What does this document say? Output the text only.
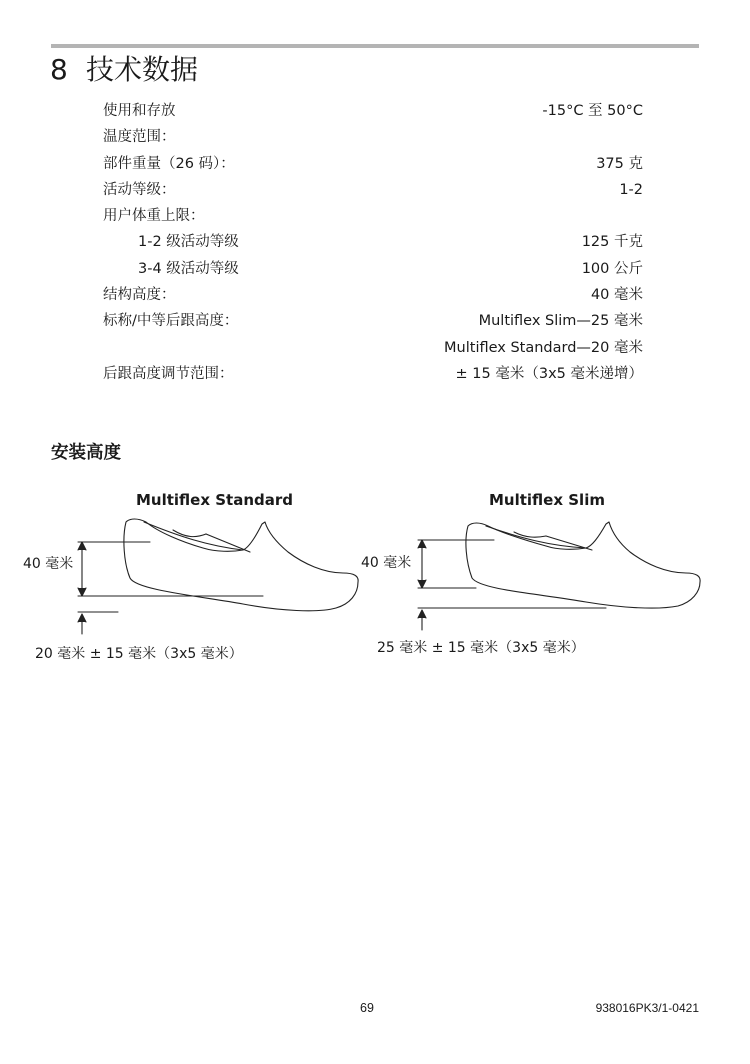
8 技术数据
使用和存放	-15°C 至 50°C
温度范围：
部件重量（26 码）：	375 克
活动等级：	1-2
用户体重上限：
1-2 级活动等级	125 千克
3-4 级活动等级	100 公斤
结构高度：	40 毫米
标称/中等后跟高度：	Multiflex Slim—25 毫米
Multiflex Standard—20 毫米
后跟高度调节范围：	± 15 毫米（3x5 毫米递增）
安装高度
Multiflex Standard
40 毫米
20 毫米 ± 15 毫米（3x5 毫米）
Multiflex Slim
40 毫米
25 毫米 ± 15 毫米（3x5 毫米）
69	938016PK3/1-0421
